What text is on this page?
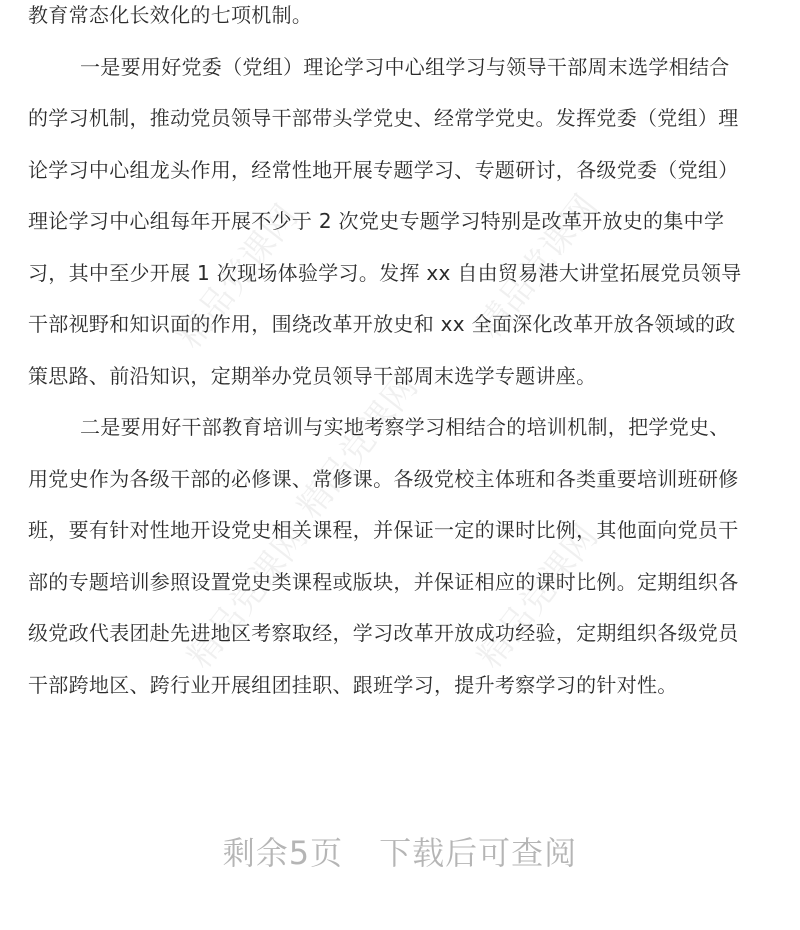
精品党课网	精品党课网
精品党课网
精品党课网	精品党课网
教育常态化长效化的七项机制。
一是要用好党委（党组）理论学习中心组学习与领导干部周末选学相结合
的学习机制，推动党员领导干部带头学党史、经常学党史。发挥党委（党组）理
论学习中心组龙头作用，经常性地开展专题学习、专题研讨，各级党委（党组）
理论学习中心组每年开展不少于 2 次党史专题学习特别是改革开放史的集中学
习，其中至少开展 1 次现场体验学习。发挥 xx 自由贸易港大讲堂拓展党员领导
干部视野和知识面的作用，围绕改革开放史和 xx 全面深化改革开放各领域的政
策思路、前沿知识，定期举办党员领导干部周末选学专题讲座。
二是要用好干部教育培训与实地考察学习相结合的培训机制，把学党史、
用党史作为各级干部的必修课、常修课。各级党校主体班和各类重要培训班研修
班，要有针对性地开设党史相关课程，并保证一定的课时比例，其他面向党员干
部的专题培训参照设置党史类课程或版块，并保证相应的课时比例。定期组织各
级党政代表团赴先进地区考察取经，学习改革开放成功经验，定期组织各级党员
干部跨地区、跨行业开展组团挂职、跟班学习，提升考察学习的针对性。
剩余5页 下载后可查阅
